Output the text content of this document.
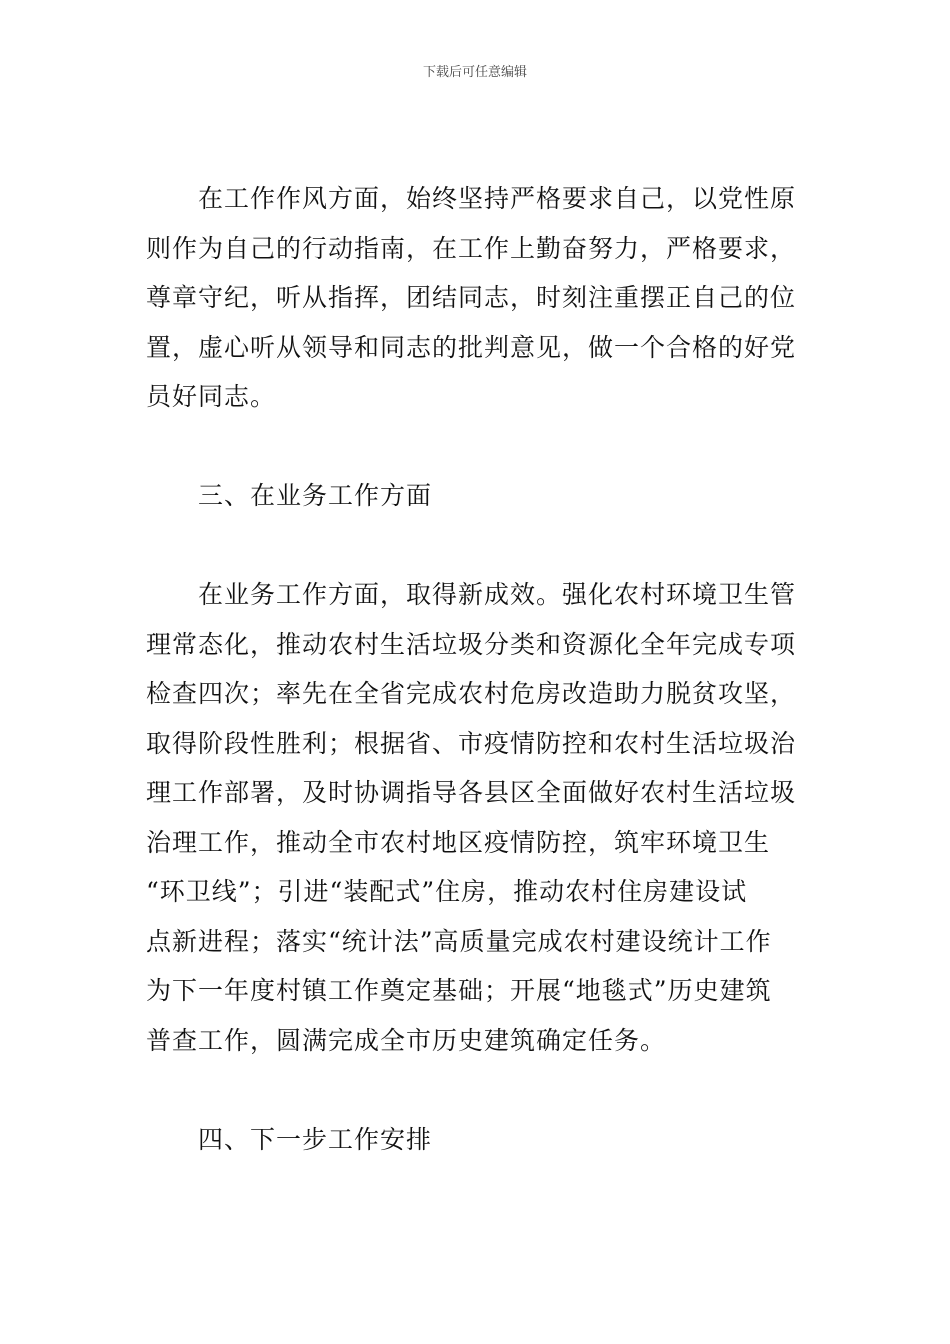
下载后可任意编辑
在工作作风方面，始终坚持严格要求自己，以党性原
则作为自己的行动指南，在工作上勤奋努力，严格要求，
尊章守纪，听从指挥，团结同志，时刻注重摆正自己的位
置，虚心听从领导和同志的批判意见，做一个合格的好党
员好同志。
三、在业务工作方面
在业务工作方面，取得新成效。强化农村环境卫生管
理常态化，推动农村生活垃圾分类和资源化全年完成专项
检查四次；率先在全省完成农村危房改造助力脱贫攻坚，
取得阶段性胜利；根据省、市疫情防控和农村生活垃圾治
理工作部署，及时协调指导各县区全面做好农村生活垃圾
治理工作，推动全市农村地区疫情防控，筑牢环境卫生
“环卫线”；引进“装配式”住房，推动农村住房建设试
点新进程；落实“统计法”高质量完成农村建设统计工作
为下一年度村镇工作奠定基础；开展“地毯式”历史建筑
普查工作，圆满完成全市历史建筑确定任务。
四、下一步工作安排
